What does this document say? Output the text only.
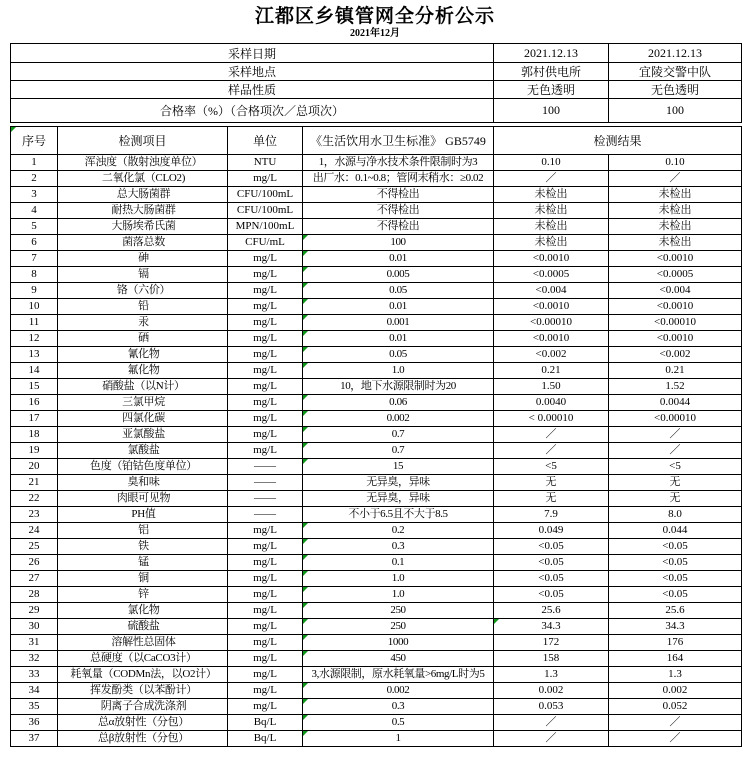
江都区乡镇管网全分析公示
2021年12月
采样日期	2021.12.13	2021.12.13
采样地点	郭村供电所	宜陵交警中队
样品性质	无色透明	无色透明
合格率（%）（合格项次／总项次）	100	100
序号	检测项目	单位	《生活饮用水卫生标准》 GB5749	检测结果	
1	浑浊度（散射浊度单位）	NTU	1，水源与净水技术条件限制时为3	0.10	0.10
2	二氧化氯（CLO2)	mg/L	出厂水：0.1~0.8；管网末稍水：≥0.02	／	／
3	总大肠菌群	CFU/100mL	不得检出	未检出	未检出
4	耐热大肠菌群	CFU/100mL	不得检出	未检出	未检出
5	大肠埃希氏菌	MPN/100mL	不得检出	未检出	未检出
6	菌落总数	CFU/mL	100	未检出	未检出
7	砷	mg/L	0.01	<0.0010	<0.0010
8	镉	mg/L	0.005	<0.0005	<0.0005
9	铬（六价）	mg/L	0.05	<0.004	<0.004
10	铅	mg/L	0.01	<0.0010	<0.0010
11	汞	mg/L	0.001	<0.00010	<0.00010
12	硒	mg/L	0.01	<0.0010	<0.0010
13	氰化物	mg/L	0.05	<0.002	<0.002
14	氟化物	mg/L	1.0	0.21	0.21
15	硝酸盐（以N计）	mg/L	10，地下水源限制时为20	1.50	1.52
16	三氯甲烷	mg/L	0.06	0.0040	0.0044
17	四氯化碳	mg/L	0.002	< 0.00010	<0.00010
18	亚氯酸盐	mg/L	0.7	／	／
19	氯酸盐	mg/L	0.7	／	／
20	色度（铂钴色度单位）	——	15	<5	<5
21	臭和味	——	无异臭，异味	无	无
22	肉眼可见物	——	无异臭，异味	无	无
23	PH值	——	不小于6.5且不大于8.5	7.9	8.0
24	铝	mg/L	0.2	0.049	0.044
25	铁	mg/L	0.3	<0.05	<0.05
26	锰	mg/L	0.1	<0.05	<0.05
27	铜	mg/L	1.0	<0.05	<0.05
28	锌	mg/L	1.0	<0.05	<0.05
29	氯化物	mg/L	250	25.6	25.6
30	硫酸盐	mg/L	250	34.3	34.3
31	溶解性总固体	mg/L	1000	172	176
32	总硬度（以CaCO3计）	mg/L	450	158	164
33	耗氧量（CODMn法，以O2计）	mg/L	3,水源限制，原水耗氧量>6mg/L时为5	1.3	1.3
34	挥发酚类（以苯酚计）	mg/L	0.002	0.002	0.002
35	阴离子合成洗涤剂	mg/L	0.3	0.053	0.052
36	总α放射性（分包）	Bq/L	0.5	／	／
37	总β放射性（分包）	Bq/L	1	／	／
